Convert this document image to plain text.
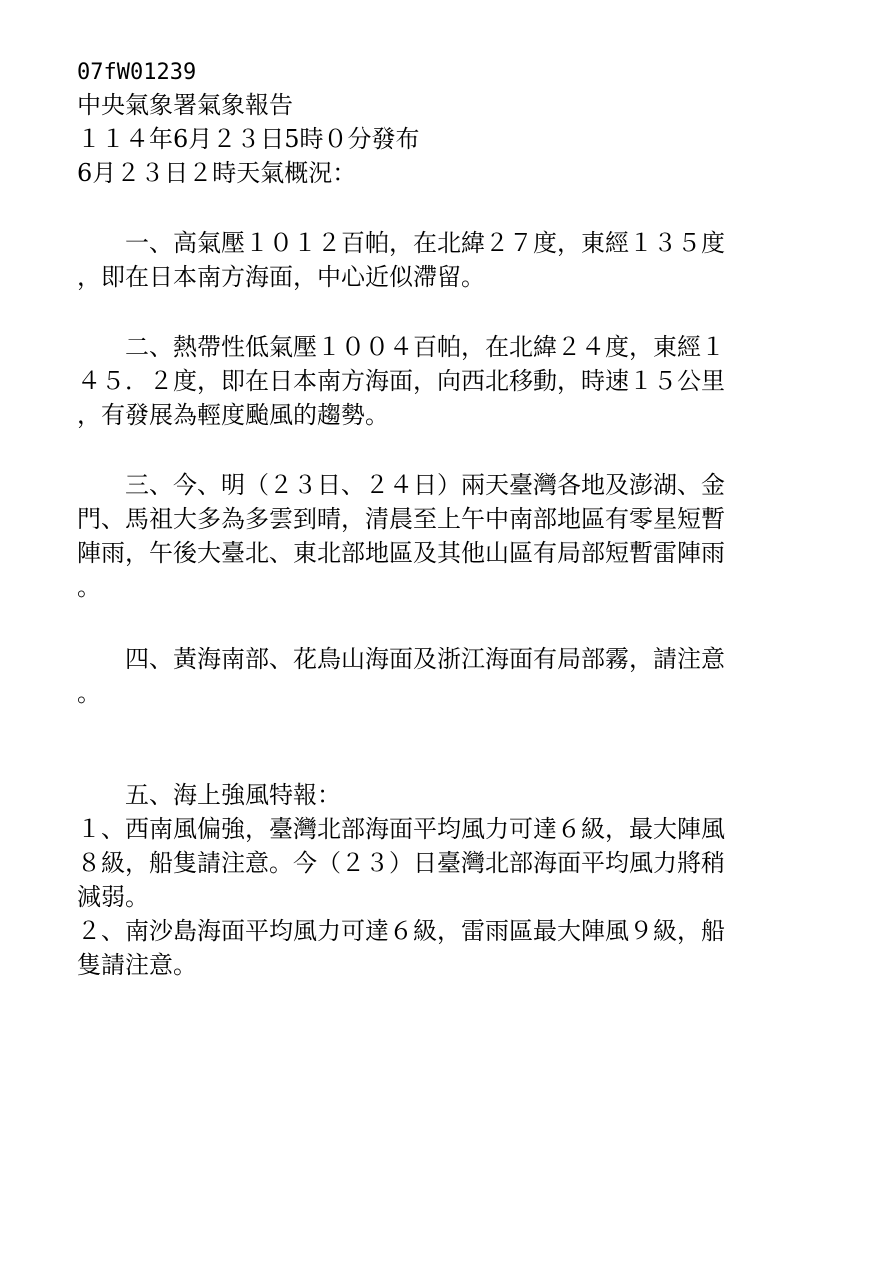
07fW01239
中央氣象署氣象報告
１１４年6月２３日5時０分發布
6月２３日２時天氣概況：
　　一、高氣壓１０１２百帕，在北緯２７度，東經１３５度
，即在日本南方海面，中心近似滯留。
　　二、熱帶性低氣壓１００４百帕，在北緯２４度，東經１
４５．２度，即在日本南方海面，向西北移動，時速１５公里
，有發展為輕度颱風的趨勢。
　　三、今、明（２３日、２４日）兩天臺灣各地及澎湖、金
門、馬祖大多為多雲到晴，清晨至上午中南部地區有零星短暫
陣雨，午後大臺北、東北部地區及其他山區有局部短暫雷陣雨
。
　　四、黃海南部、花鳥山海面及浙江海面有局部霧，請注意
。
　　五、海上強風特報：
１、西南風偏強，臺灣北部海面平均風力可達６級，最大陣風
８級，船隻請注意。今（２３）日臺灣北部海面平均風力將稍
減弱。
２、南沙島海面平均風力可達６級，雷雨區最大陣風９級，船
隻請注意。
